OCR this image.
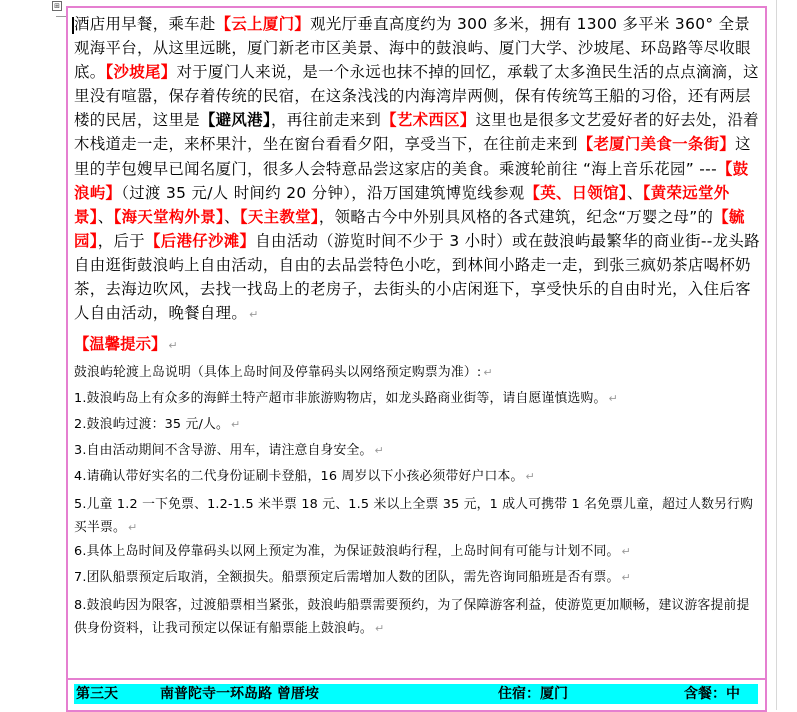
⊞

酒店用早餐，乘车赴【云上厦门】观光厅垂直高度约为 300 多米，拥有 1300 多平米 360° 全景观海平台，从这里远眺，厦门新老市区美景、海中的鼓浪屿、厦门大学、沙坡尾、环岛路等尽收眼底。【沙坡尾】对于厦门人来说，是一个永远也抹不掉的回忆，承载了太多渔民生活的点点滴滴，这里没有喧嚣，保存着传统的民宿，在这条浅浅的内海湾岸两侧，保有传统笃王船的习俗，还有两层楼的民居，这里是【避风港】，再往前走来到【艺术西区】这里也是很多文艺爱好者的好去处，沿着木栈道走一走，来杯果汁，坐在窗台看看夕阳，享受当下，在往前走来到【老厦门美食一条街】这里的芋包嫂早已闻名厦门，很多人会特意品尝这家店的美食。乘渡轮前往 “海上音乐花园” ---【鼓浪屿】（过渡 35 元/人 时间约 20 分钟），沿万国建筑博览线参观【英、日领馆】、【黄荣远堂外景】、【海天堂构外景】、【天主教堂】，领略古今中外别具风格的各式建筑，纪念“万婴之母”的【毓园】，后于【后港仔沙滩】自由活动（游览时间不少于 3 小时）或在鼓浪屿最繁华的商业街--龙头路自由逛街鼓浪屿上自由活动，自由的去品尝特色小吃，到林间小路走一走，到张三疯奶茶店喝杯奶茶，去海边吹风，去找一找岛上的老房子，去街头的小店闲逛下，享受快乐的自由时光，入住后客人自由活动，晚餐自理。 ↵

【温馨提示】 ↵

鼓浪屿轮渡上岛说明（具体上岛时间及停靠码头以网络预定购票为准）: ↵

1.鼓浪屿岛上有众多的海鲜土特产超市非旅游购物店，如龙头路商业街等，请自愿谨慎选购。 ↵

2.鼓浪屿过渡：35 元/人。 ↵

3.自由活动期间不含导游、用车，请注意自身安全。 ↵

4.请确认带好实名的二代身份证刷卡登船，16 周岁以下小孩必须带好户口本。 ↵

5.儿童 1.2 一下免票、1.2-1.5 米半票 18 元、1.5 米以上全票 35 元，1 成人可携带 1 名免票儿童，超过人数另行购买半票。 ↵

6.具体上岛时间及停靠码头以网上预定为准，为保证鼓浪屿行程，上岛时间有可能与计划不同。 ↵

7.团队船票预定后取消，全额损失。船票预定后需增加人数的团队，需先咨询同船班是否有票。 ↵

8.鼓浪屿因为限客，过渡船票相当紧张，鼓浪屿船票需要预约，为了保障游客利益，使游览更加顺畅，建议游客提前提供身份资料，让我司预定以保证有船票能上鼓浪屿。 ↵

第三天	南普陀寺一环岛路 曾厝垵	住宿：厦门	含餐：中
